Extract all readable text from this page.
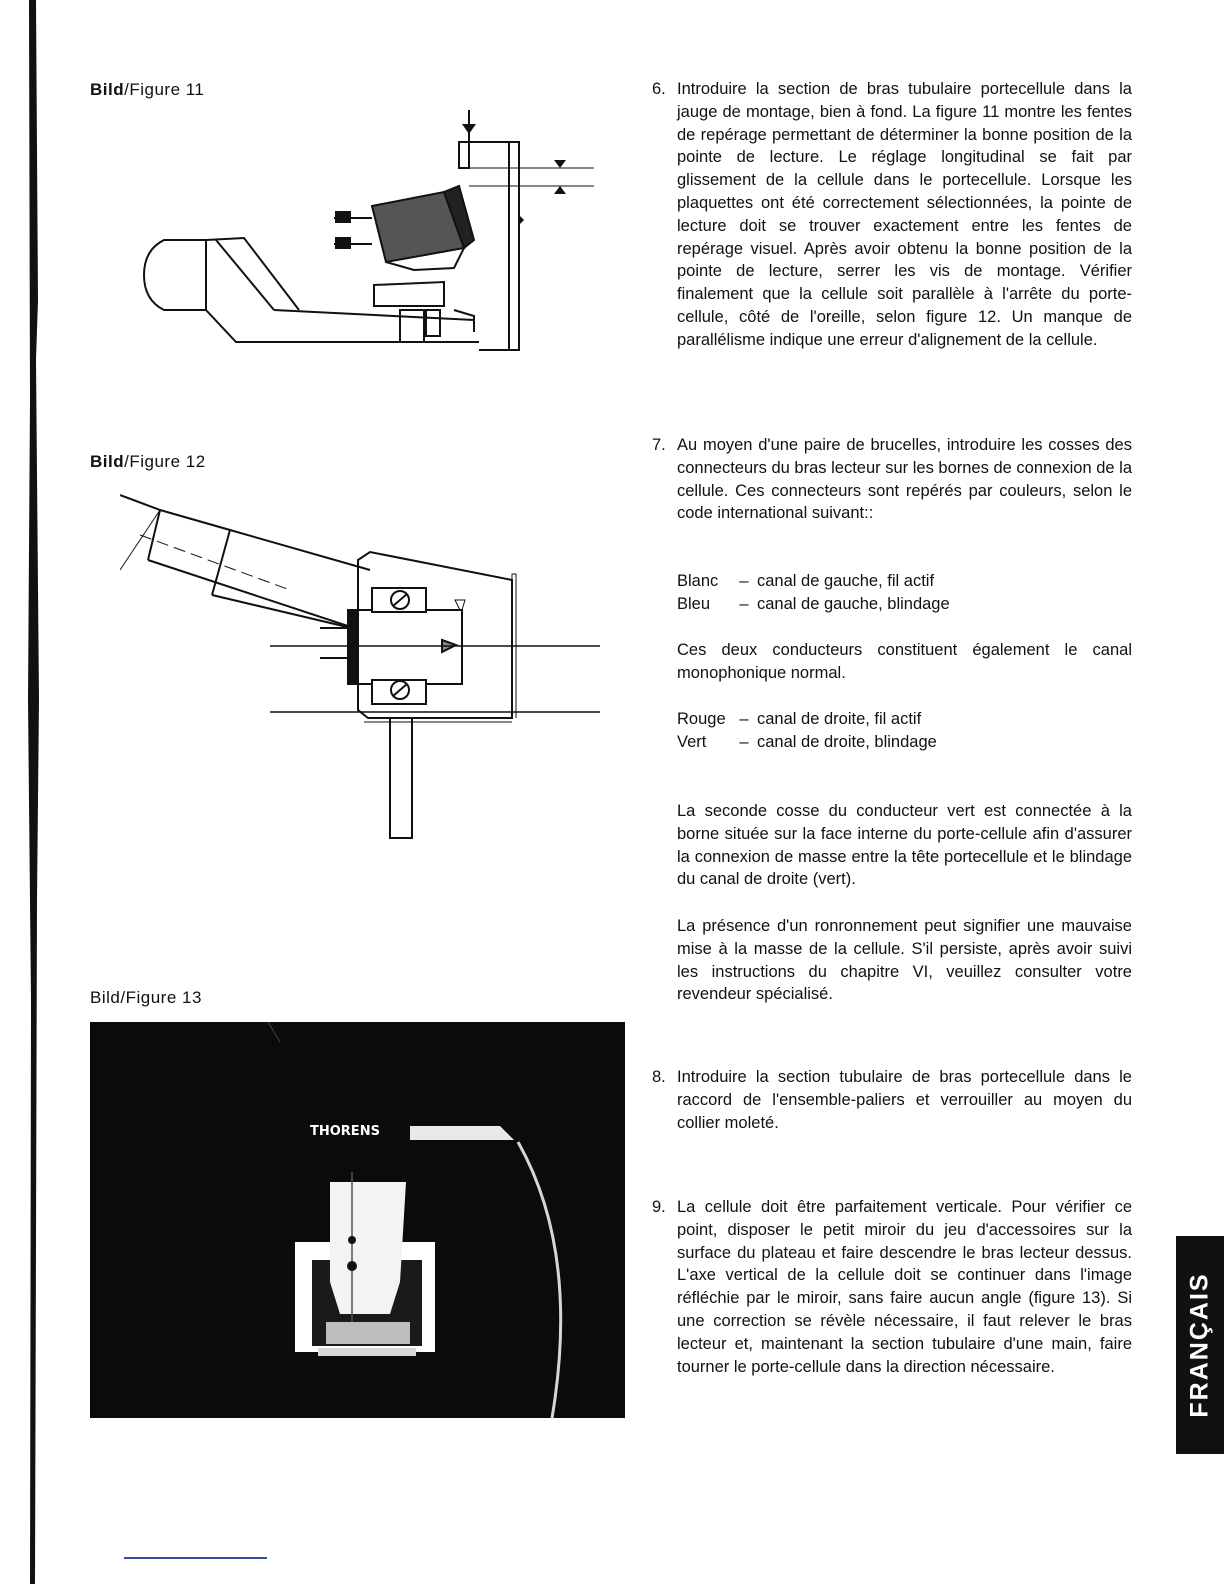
Bild/Figure 11
Bild/Figure 12
Bild/Figure 13
THORENS
6. Introduire la section de bras tubulaire portecellule dans la jauge de montage, bien à fond. La figure 11 montre les fentes de repérage permettant de déterminer la bonne position de la pointe de lecture. Le réglage longitudinal se fait par glissement de la cellule dans le portecellule. Lorsque les plaquettes ont été correctement sélectionnées, la pointe de lecture doit se trouver exactement entre les fentes de repérage visuel. Après avoir obtenu la bonne position de la pointe de lecture, serrer les vis de montage. Vérifier finalement que la cellule soit parallèle à l'arrête du porte-cellule, côté de l'oreille, selon figure 12. Un manque de parallélisme indique une erreur d'alignement de la cellule.
7. Au moyen d'une paire de brucelles, introduire les cosses des connecteurs du bras lecteur sur les bornes de connexion de la cellule. Ces connecteurs sont repérés par couleurs, selon le code international suivant::
Blanc	– canal de gauche, fil actif
Bleu	– canal de gauche, blindage
Ces deux conducteurs constituent également le canal monophonique normal.
Rouge – canal de droite, fil actif
Vert	– canal de droite, blindage
La seconde cosse du conducteur vert est connectée à la borne située sur la face interne du porte-cellule afin d'assurer la connexion de masse entre la tête portecellule et le blindage du canal de droite (vert).
La présence d'un ronronnement peut signifier une mauvaise mise à la masse de la cellule. S'il persiste, après avoir suivi les instructions du chapitre VI, veuillez consulter votre revendeur spécialisé.
8. Introduire la section tubulaire de bras portecellule dans le raccord de l'ensemble-paliers et verrouiller au moyen du collier moleté.
9. La cellule doit être parfaitement verticale. Pour vérifier ce point, disposer le petit miroir du jeu d'accessoires sur la surface du plateau et faire descendre le bras lecteur dessus. L'axe vertical de la cellule doit se continuer dans l'image réfléchie par le miroir, sans faire aucun angle (figure 13). Si une correction se révèle nécessaire, il faut relever le bras lecteur et, maintenant la section tubulaire d'une main, faire tourner le porte-cellule dans la direction nécessaire.	FRANÇAIS
